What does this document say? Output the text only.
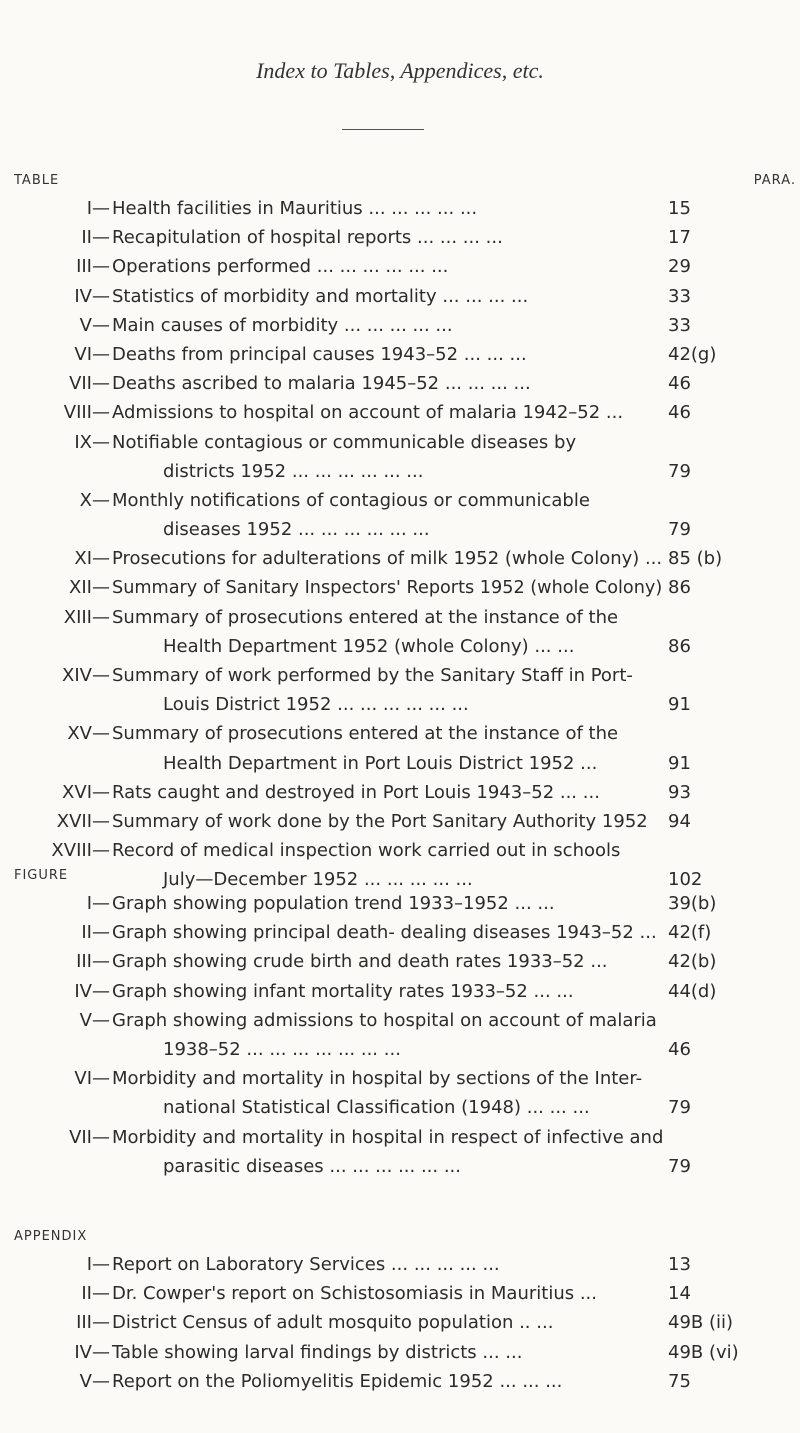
Index to Tables, Appendices, etc.
TABLE	PARA.
I— Health facilities in Mauritius ... ... ... ... ...	15
II— Recapitulation of hospital reports ... ... ... ...	17
III— Operations performed ... ... ... ... ... ...	29
IV— Statistics of morbidity and mortality ... ... ... ...	33
V— Main causes of morbidity ... ... ... ... ...	33
VI— Deaths from principal causes 1943–52 ... ... ...	42(g)
VII— Deaths ascribed to malaria 1945–52 ... ... ... ...	46
VIII— Admissions to hospital on account of malaria 1942–52 ... 46
IX— Notifiable contagious or communicable diseases by
districts 1952 ... ... ... ... ... ...	79
X— Monthly notifications of contagious or communicable
diseases 1952 ... ... ... ... ... ...	79
XI— Prosecutions for adulterations of milk 1952 (whole Colony) ... 85 (b)
XII— Summary of Sanitary Inspectors' Reports 1952 (whole Colony) 86
XIII— Summary of prosecutions entered at the instance of the
Health Department 1952 (whole Colony) ... ...	86
XIV— Summary of work performed by the Sanitary Staff in Port-
Louis District 1952 ... ... ... ... ... ...	91
XV— Summary of prosecutions entered at the instance of the
Health Department in Port Louis District 1952 ...	91
XVI— Rats caught and destroyed in Port Louis 1943–52 ... ...	93
XVII— Summary of work done by the Port Sanitary Authority 1952 94
XVIII— Record of medical inspection work carried out in schools
July—December 1952 ... ... ... ... ...	102
FIGURE
I— Graph showing population trend 1933–1952 ... ...	39(b)
II— Graph showing principal death- dealing diseases 1943–52 ... 42(f)
III— Graph showing crude birth and death rates 1933–52 ...	42(b)
IV— Graph showing infant mortality rates 1933–52 ... ...	44(d)
V— Graph showing admissions to hospital on account of malaria
1938–52 ... ... ... ... ... ... ...	46
VI— Morbidity and mortality in hospital by sections of the Inter-
national Statistical Classification (1948) ... ... ...	79
VII— Morbidity and mortality in hospital in respect of infective and
parasitic diseases ... ... ... ... ... ...	79
APPENDIX
I— Report on Laboratory Services ... ... ... ... ...	13
II— Dr. Cowper's report on Schistosomiasis in Mauritius ...	14
III— District Census of adult mosquito population .. ...	49B (ii)
IV— Table showing larval findings by districts ... ...	49B (vi)
V— Report on the Poliomyelitis Epidemic 1952 ... ... ...	75
